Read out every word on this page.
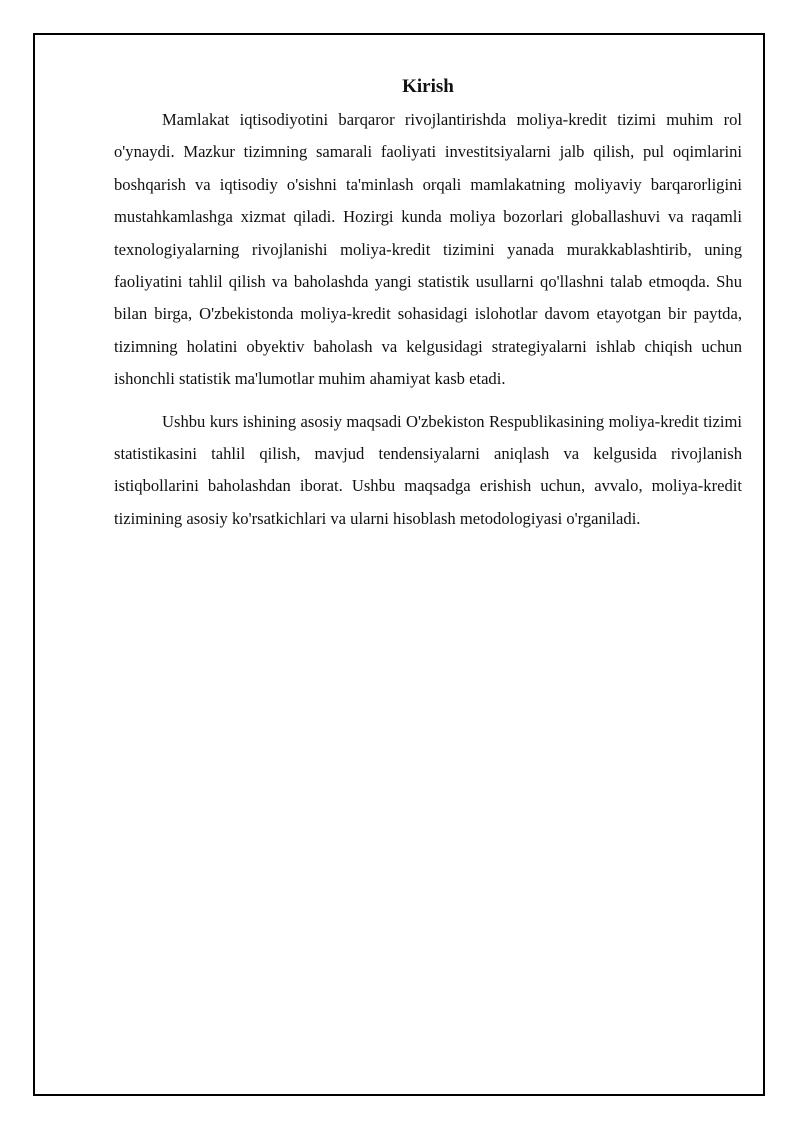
Kirish

Mamlakat iqtisodiyotini barqaror rivojlantirishda moliya-kredit tizimi muhim rol o'ynaydi. Mazkur tizimning samarali faoliyati investitsiyalarni jalb qilish, pul oqimlarini boshqarish va iqtisodiy o'sishni ta'minlash orqali mamlakatning moliyaviy barqarorligini mustahkamlashga xizmat qiladi. Hozirgi kunda moliya bozorlari globallashuvi va raqamli texnologiyalarning rivojlanishi moliya-kredit tizimini yanada murakkablashtirib, uning faoliyatini tahlil qilish va baholashda yangi statistik usullarni qo'llashni talab etmoqda. Shu bilan birga, O'zbekistonda moliya-kredit sohasidagi islohotlar davom etayotgan bir paytda, tizimning holatini obyektiv baholash va kelgusidagi strategiyalarni ishlab chiqish uchun ishonchli statistik ma'lumotlar muhim ahamiyat kasb etadi.

Ushbu kurs ishining asosiy maqsadi O'zbekiston Respublikasining moliya-kredit tizimi statistikasini tahlil qilish, mavjud tendensiyalarni aniqlash va kelgusida rivojlanish istiqbollarini baholashdan iborat. Ushbu maqsadga erishish uchun, avvalo, moliya-kredit tizimining asosiy ko'rsatkichlari va ularni hisoblash metodologiyasi o'rganiladi.
